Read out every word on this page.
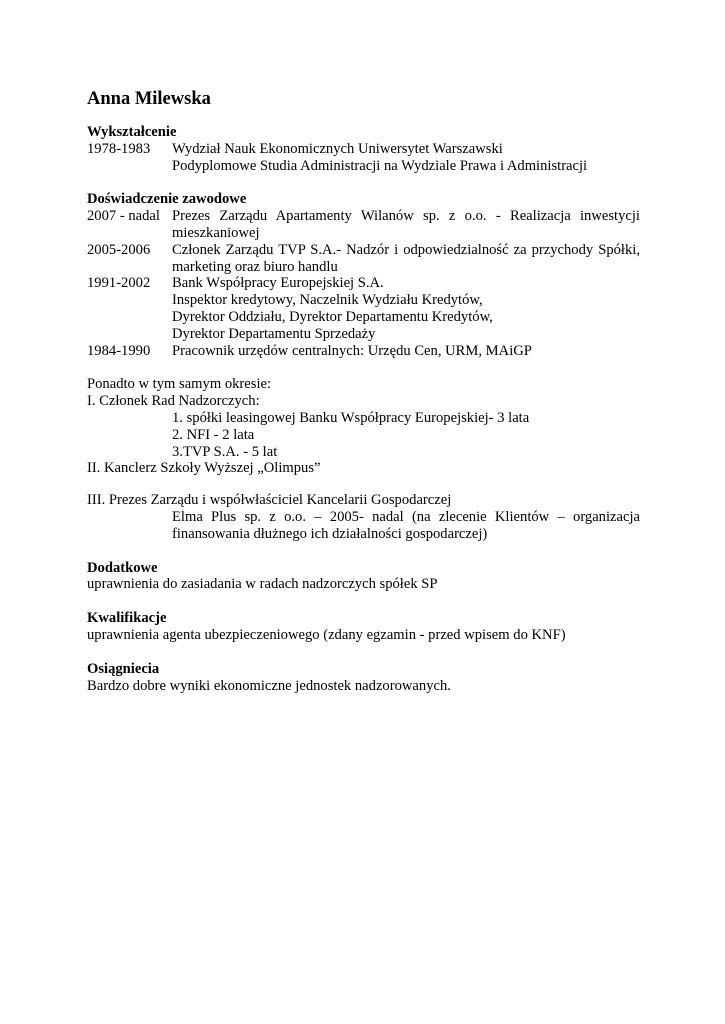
Anna Milewska
Wykształcenie
1978-1983	Wydział Nauk Ekonomicznych Uniwersytet Warszawski
Podyplomowe Studia Administracji na Wydziale Prawa i Administracji
Doświadczenie zawodowe
2007 - nadal Prezes Zarządu Apartamenty Wilanów sp. z o.o. - Realizacja inwestycji mieszkaniowej
2005-2006	Członek Zarządu TVP S.A.- Nadzór i odpowiedzialność za przychody Spółki, marketing oraz biuro handlu
1991-2002	Bank Współpracy Europejskiej S.A.
Inspektor kredytowy, Naczelnik Wydziału Kredytów,
Dyrektor Oddziału, Dyrektor Departamentu Kredytów,
Dyrektor Departamentu Sprzedaży
1984-1990	Pracownik urzędów centralnych: Urzędu Cen, URM, MAiGP

Ponadto w tym samym okresie:

I. Członek Rad Nadzorczych:

1. spółki leasingowej Banku Współpracy Europejskiej- 3 lata

2. NFI - 2 lata

3.TVP S.A. - 5 lat

II. Kanclerz Szkoły Wyższej „Olimpus”

III. Prezes Zarządu i współwłaściciel Kancelarii Gospodarczej

Elma Plus sp. z o.o. – 2005- nadal (na zlecenie Klientów – organizacja finansowania dłużnego ich działalności gospodarczej)

Dodatkowe

uprawnienia do zasiadania w radach nadzorczych spółek SP

Kwalifikacje

uprawnienia agenta ubezpieczeniowego (zdany egzamin - przed wpisem do KNF)

Osiągniecia

Bardzo dobre wyniki ekonomiczne jednostek nadzorowanych.
